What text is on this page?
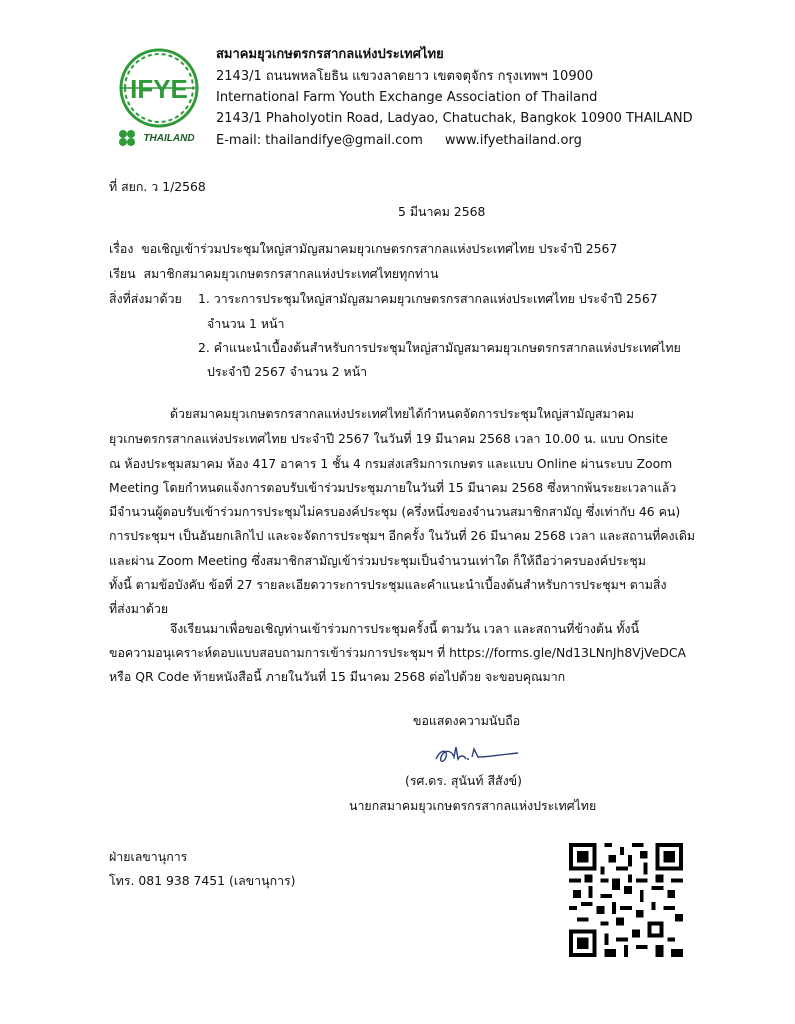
IFYE
THAILAND
สมาคมยุวเกษตรกรสากลแห่งประเทศไทย
2143/1 ถนนพหลโยธิน แขวงลาดยาว เขตจตุจักร กรุงเทพฯ 10900
International Farm Youth Exchange Association of Thailand
2143/1 Phaholyotin Road, Ladyao, Chatuchak, Bangkok 10900 THAILAND
E-mail: thailandifye@gmail.com www.ifyethailand.org
ที่ สยก. ว 1/2568
5 มีนาคม 2568
เรื่อง ขอเชิญเข้าร่วมประชุมใหญ่สามัญสมาคมยุวเกษตรกรสากลแห่งประเทศไทย ประจำปี 2567
เรียน สมาชิกสมาคมยุวเกษตรกรสากลแห่งประเทศไทยทุกท่าน
สิ่งที่ส่งมาด้วย 1. วาระการประชุมใหญ่สามัญสมาคมยุวเกษตรกรสากลแห่งประเทศไทย ประจำปี 2567
จำนวน 1 หน้า
2. คำแนะนำเบื้องต้นสำหรับการประชุมใหญ่สามัญสมาคมยุวเกษตรกรสากลแห่งประเทศไทย
ประจำปี 2567 จำนวน 2 หน้า
ด้วยสมาคมยุวเกษตรกรสากลแห่งประเทศไทยได้กำหนดจัดการประชุมใหญ่สามัญสมาคม
ยุวเกษตรกรสากลแห่งประเทศไทย ประจำปี 2567 ในวันที่ 19 มีนาคม 2568 เวลา 10.00 น. แบบ Onsite
ณ ห้องประชุมสมาคม ห้อง 417 อาคาร 1 ชั้น 4 กรมส่งเสริมการเกษตร และแบบ Online ผ่านระบบ Zoom
Meeting โดยกำหนดแจ้งการตอบรับเข้าร่วมประชุมภายในวันที่ 15 มีนาคม 2568 ซึ่งหากพ้นระยะเวลาแล้ว
มีจำนวนผู้ตอบรับเข้าร่วมการประชุมไม่ครบองค์ประชุม (ครึ่งหนึ่งของจำนวนสมาชิกสามัญ ซึ่งเท่ากับ 46 คน)
การประชุมฯ เป็นอันยกเลิกไป และจะจัดการประชุมฯ อีกครั้ง ในวันที่ 26 มีนาคม 2568 เวลา และสถานที่คงเดิม
และผ่าน Zoom Meeting ซึ่งสมาชิกสามัญเข้าร่วมประชุมเป็นจำนวนเท่าใด ก็ให้ถือว่าครบองค์ประชุม
ทั้งนี้ ตามข้อบังคับ ข้อที่ 27 รายละเอียดวาระการประชุมและคำแนะนำเบื้องต้นสำหรับการประชุมฯ ตามสิ่ง
ที่ส่งมาด้วย
จึงเรียนมาเพื่อขอเชิญท่านเข้าร่วมการประชุมครั้งนี้ ตามวัน เวลา และสถานที่ข้างต้น ทั้งนี้
ขอความอนุเคราะห์ตอบแบบสอบถามการเข้าร่วมการประชุมฯ ที่ https://forms.gle/Nd13LNnJh8VjVeDCA
หรือ QR Code ท้ายหนังสือนี้ ภายในวันที่ 15 มีนาคม 2568 ต่อไปด้วย จะขอบคุณมาก
ขอแสดงความนับถือ
(รศ.ดร. สุนันท์ สีสังข์)
นายกสมาคมยุวเกษตรกรสากลแห่งประเทศไทย
ฝ่ายเลขานุการ
โทร. 081 938 7451 (เลขานุการ)
